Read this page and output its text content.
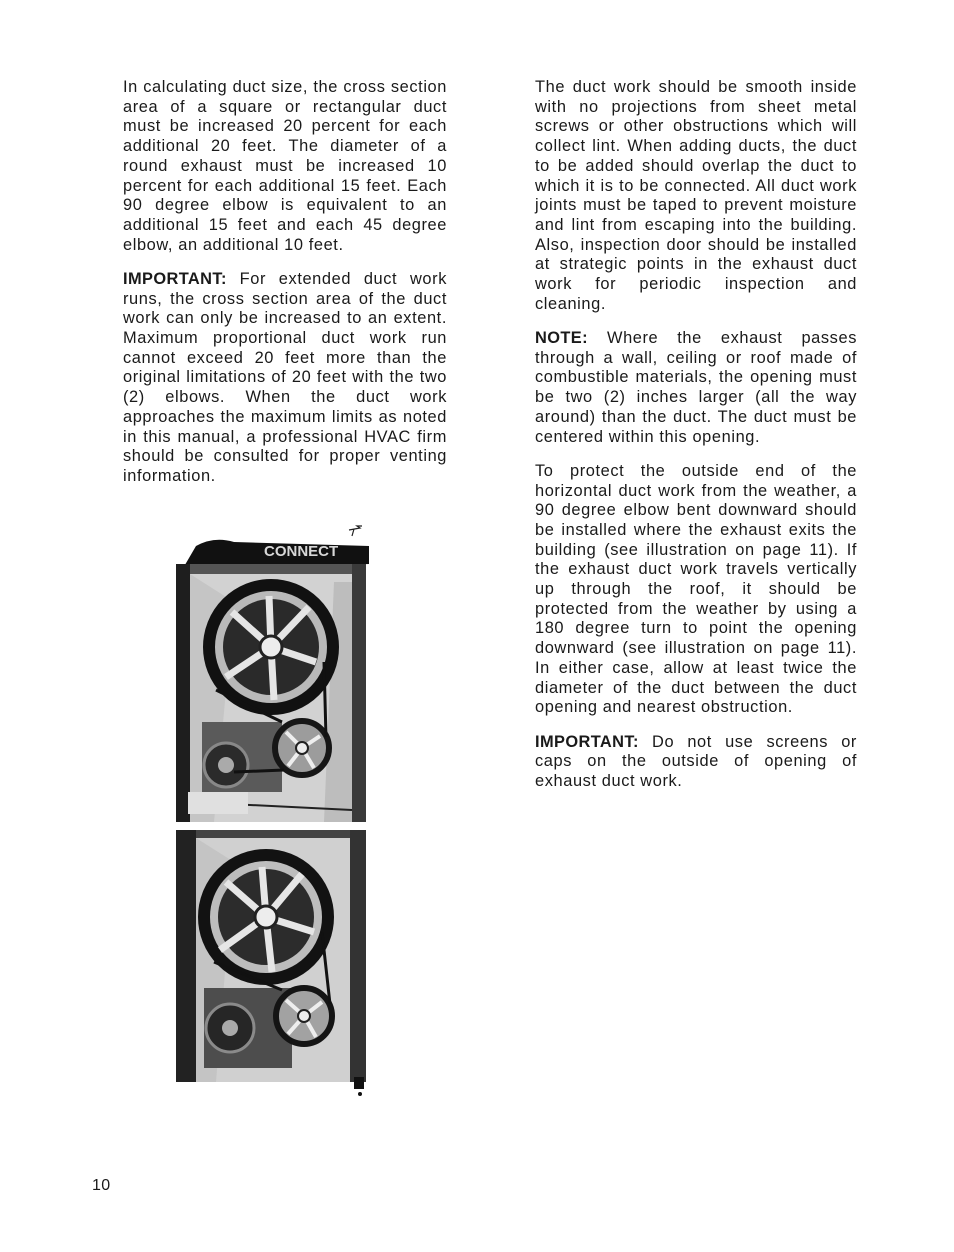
In calculating duct size, the cross section area of a square or rectangular duct must be increased 20 percent for each additional 20 feet. The diameter of a round exhaust must be increased 10 percent for each additional 15 feet. Each 90 degree elbow is equivalent to an additional 15 feet and each 45 degree elbow, an additional 10 feet.

IMPORTANT: For extended duct work runs, the cross section area of the duct work can only be increased to an extent. Maximum proportional duct work run cannot exceed 20 feet more than the original limitations of 20 feet with the two (2) elbows. When the duct work approaches the maximum limits as noted in this manual, a professional HVAC firm should be consulted for proper venting information.

The duct work should be smooth inside with no projections from sheet metal screws or other obstructions which will collect lint. When adding ducts, the duct to be added should overlap the duct to which it is to be connected. All duct work joints must be taped to prevent moisture and lint from escaping into the building. Also, inspection door should be installed at strategic points in the exhaust duct work for periodic inspection and cleaning.

NOTE: Where the exhaust passes through a wall, ceiling or roof made of combustible materials, the opening must be two (2) inches larger (all the way around) than the duct. The duct must be centered within this opening.

To protect the outside end of the horizontal duct work from the weather, a 90 degree elbow bent downward should be installed where the exhaust exits the building (see illustration on page 11). If the exhaust duct work travels vertically up through the roof, it should be protected from the weather by using a 180 degree turn to point the opening downward (see illustration on page 11). In either case, allow at least twice the diameter of the duct between the duct opening and nearest obstruction.

IMPORTANT: Do not use screens or caps on the outside of opening of exhaust duct work.

CONNECT
10
